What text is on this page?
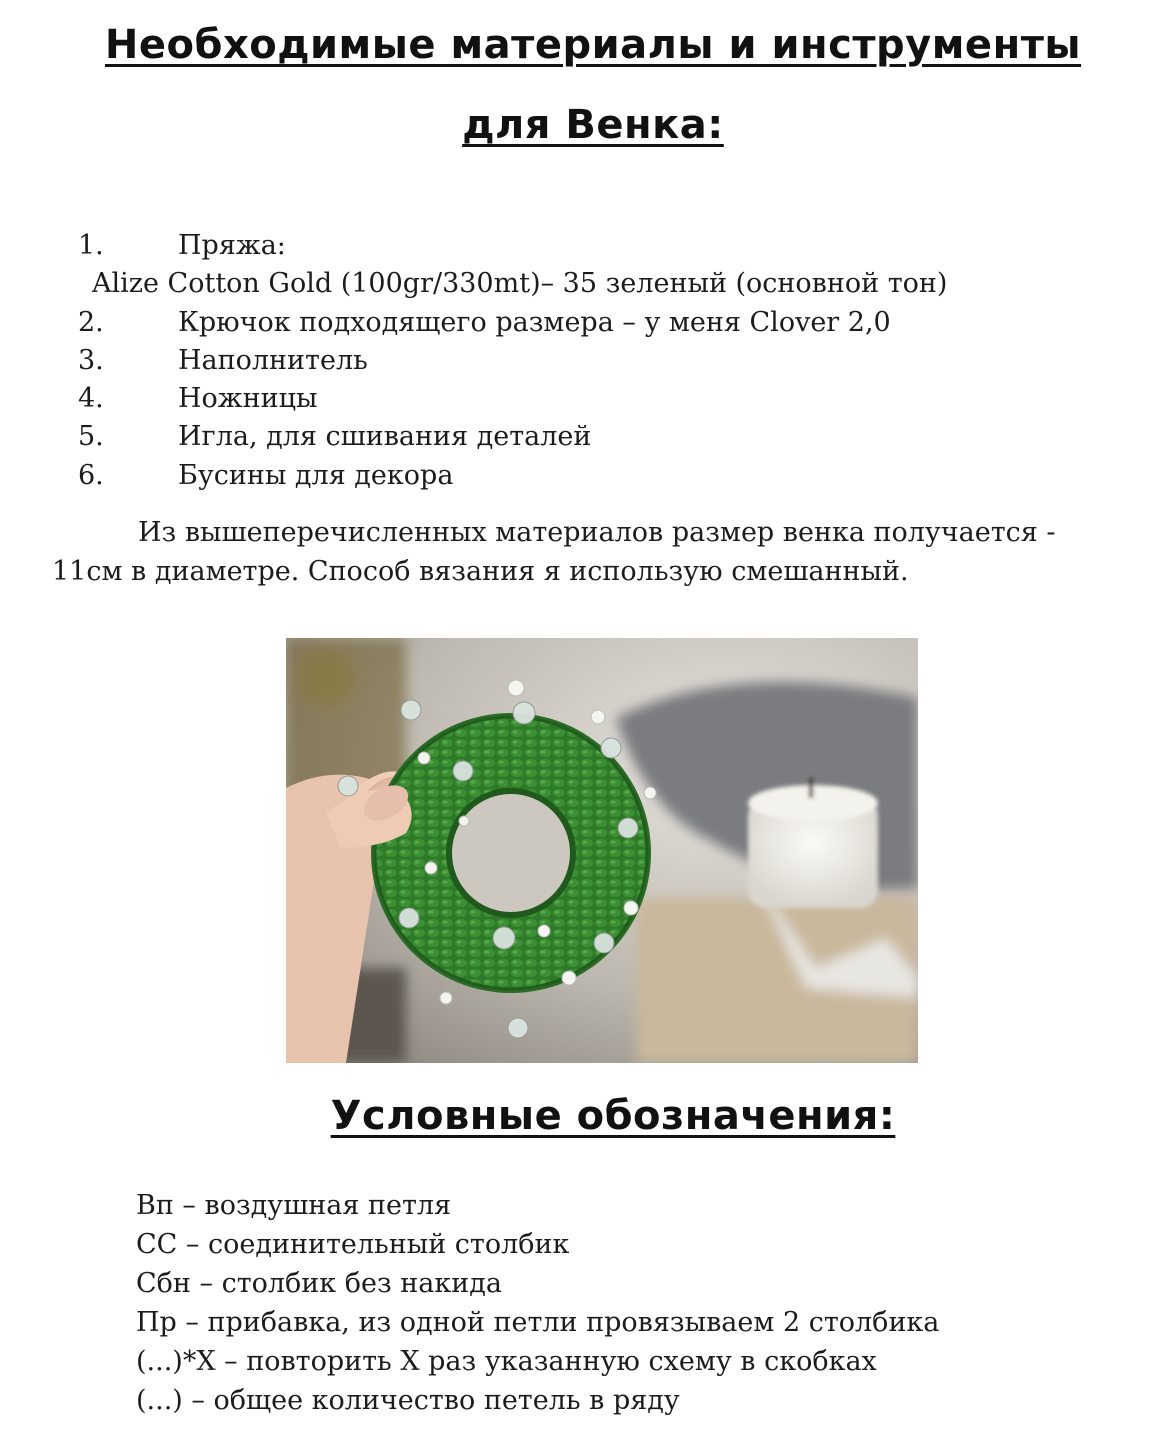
Необходимые материалы и инструменты
для Венка:
1.	Пряжа:
Alize Cotton Gold (100gr/330mt)– 35 зеленый (основной тон)
2.	Крючок подходящего размера – у меня Clover 2,0
3.	Наполнитель
4.	Ножницы
5.	Игла, для сшивания деталей
6.	Бусины для декора
Из вышеперечисленных материалов размер венка получается -
11см в диаметре. Способ вязания я использую смешанный.
Условные обозначения:
Вп – воздушная петля
СС – соединительный столбик
Сбн – столбик без накида
Пр – прибавка, из одной петли провязываем 2 столбика
(...)*X – повторить X раз указанную схему в скобках
(...) – общее количество петель в ряду
